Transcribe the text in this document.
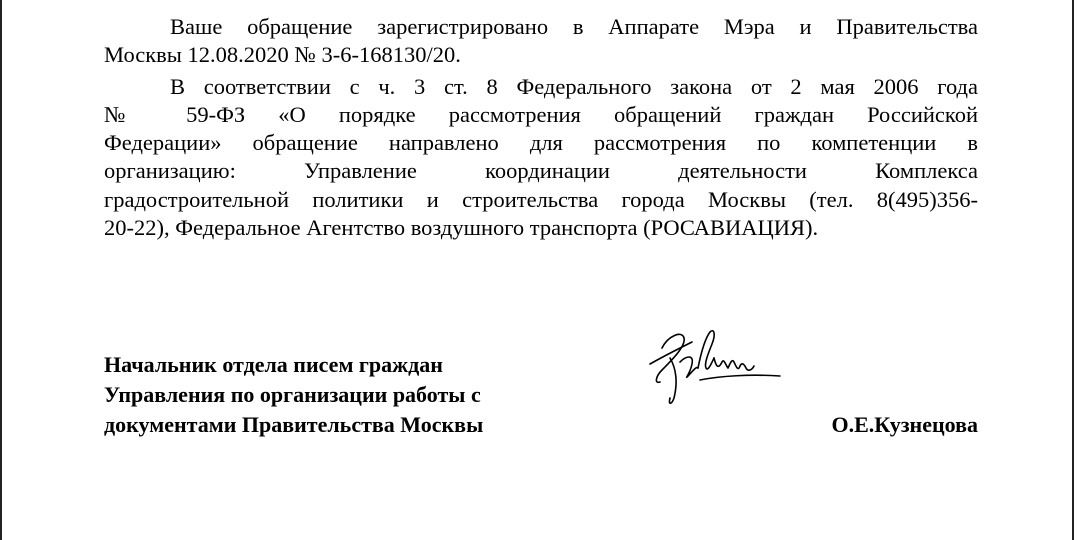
Ваше обращение зарегистрировано в Аппарате Мэра и Правительства
Москвы 12.08.2020 № 3-6-168130/20.
В соответствии с ч. 3 ст. 8 Федерального закона от 2 мая 2006 года
№ 59-ФЗ «О порядке рассмотрения обращений граждан Российской
Федерации» обращение направлено для рассмотрения по компетенции в
организацию: Управление координации деятельности Комплекса
градостроительной политики и строительства города Москвы (тел. 8(495)356-
20-22), Федеральное Агентство воздушного транспорта (РОСАВИАЦИЯ).
Начальник отдела писем граждан
Управления по организации работы с
документами Правительства Москвы	О.Е.Кузнецова
